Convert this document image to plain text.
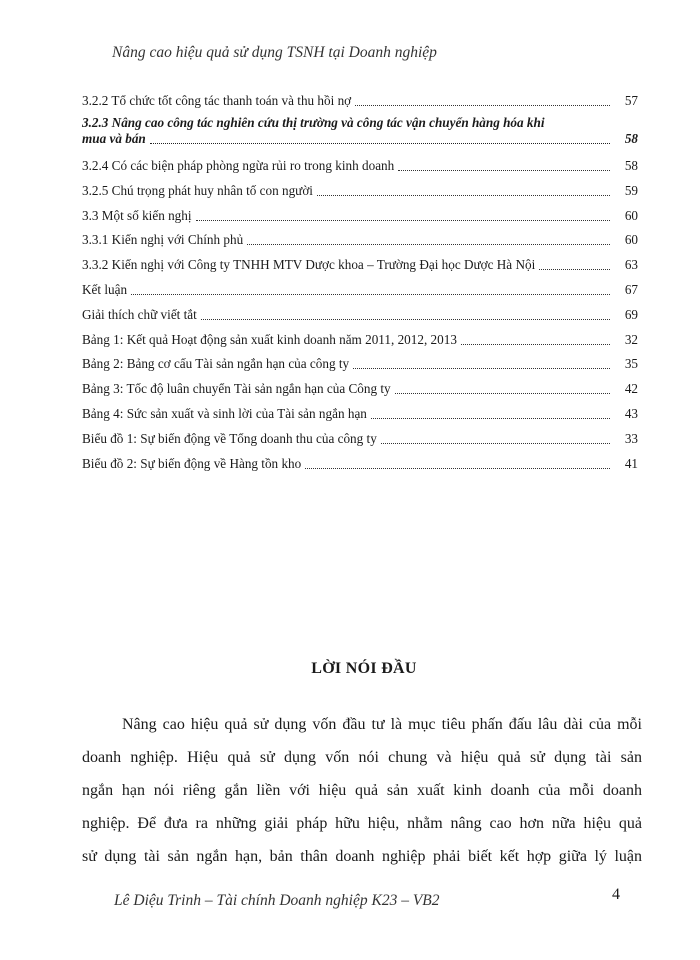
Nâng cao hiệu quả sử dụng TSNH tại Doanh nghiệp
3.2.2 Tổ chức tốt công tác thanh toán và thu hồi nợ	57
3.2.3 Nâng cao công tác nghiên cứu thị trường và công tác vận chuyển hàng hóa khi
mua và bán	58
3.2.4 Có các biện pháp phòng ngừa rủi ro trong kinh doanh	58
3.2.5 Chú trọng phát huy nhân tố con người	59
3.3 Một số kiến nghị	60
3.3.1 Kiến nghị với Chính phủ	60
3.3.2 Kiến nghị với Công ty TNHH MTV Dược khoa – Trường Đại học Dược Hà Nội	63
Kết luận	67
Giải thích chữ viết tắt	69
Bảng 1: Kết quả Hoạt động sản xuất kinh doanh năm 2011, 2012, 2013	32
Bảng 2: Bảng cơ cấu Tài sản ngắn hạn của công ty	35
Bảng 3: Tốc độ luân chuyển Tài sản ngắn hạn của Công ty	42
Bảng 4: Sức sản xuất và sinh lời của Tài sản ngắn hạn	43
Biểu đồ 1: Sự biến động về Tổng doanh thu của công ty	33
Biểu đồ 2: Sự biến động về Hàng tồn kho	41
LỜI NÓI ĐẦU
Nâng cao hiệu quả sử dụng vốn đầu tư là mục tiêu phấn đấu lâu dài của mỗi
doanh nghiệp. Hiệu quả sử dụng vốn nói chung và hiệu quả sử dụng tài sản
ngắn hạn nói riêng gắn liền với hiệu quả sản xuất kinh doanh của mỗi doanh
nghiệp. Để đưa ra những giải pháp hữu hiệu, nhằm nâng cao hơn nữa hiệu quả
sử dụng tài sản ngắn hạn, bản thân doanh nghiệp phải biết kết hợp giữa lý luận
4
Lê Diệu Trinh – Tài chính Doanh nghiệp K23 – VB2
